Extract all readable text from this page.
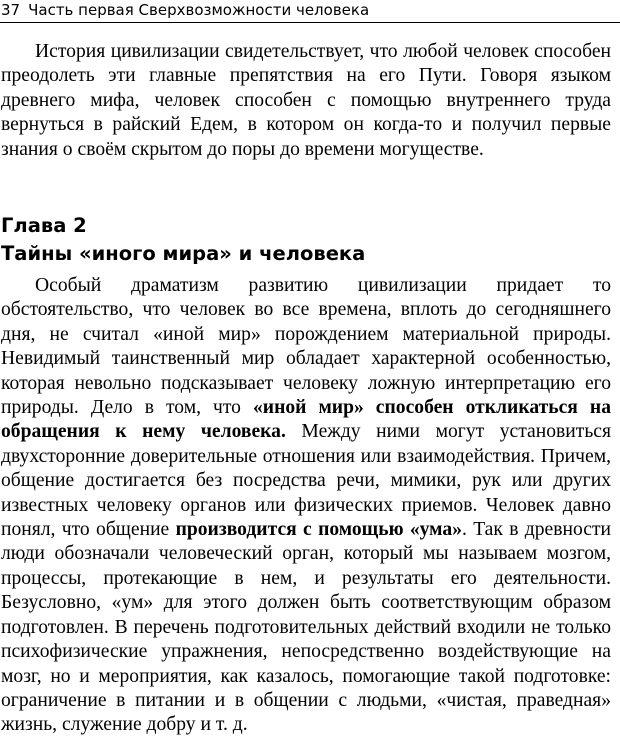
37 Часть первая Сверхвозможности человека

История цивилизации свидетельствует, что любой человек способен преодолеть эти главные препятствия на его Пути. Говоря языком древнего мифа, человек способен с помощью внутреннего труда вернуться в райский Едем, в котором он когда-то и получил первые знания о своём скрытом до поры до времени могуществе.

Глава 2
Тайны «иного мира» и человека

Особый драматизм развитию цивилизации придает то обстоятельство, что человек во все времена, вплоть до сегодняшнего дня, не считал «иной мир» порождением материальной природы. Невидимый таинственный мир обладает характерной особенностью, которая невольно подсказывает человеку ложную интерпретацию его природы. Дело в том, что «иной мир» способен откликаться на обращения к нему человека. Между ними могут установиться двухсторонние доверительные отношения или взаимодействия. Причем, общение достигается без посредства речи, мимики, рук или других известных человеку органов или физических приемов. Человек давно понял, что общение производится с помощью «ума». Так в древности люди обозначали человеческий орган, который мы называем мозгом, процессы, протекающие в нем, и результаты его деятельности. Безусловно, «ум» для этого должен быть соответствующим образом подготовлен. В перечень подготовительных действий входили не только психофизические упражнения, непосредственно воздействующие на мозг, но и мероприятия, как казалось, помогающие такой подготовке: ограничение в питании и в общении с людьми, «чистая, праведная» жизнь, служение добру и т. д.
